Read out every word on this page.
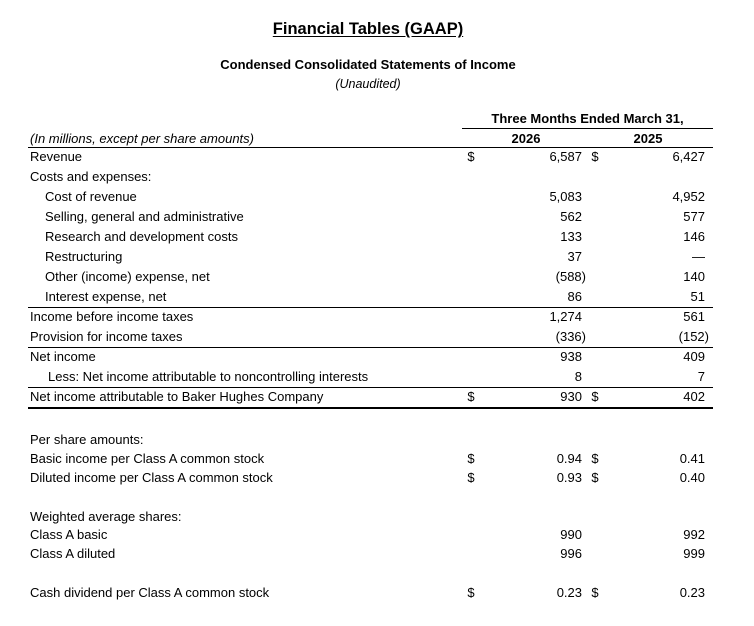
Financial Tables (GAAP)
Condensed Consolidated Statements of Income
(Unaudited)
Three Months Ended March 31,
2026	2025
(In millions, except per share amounts)
Revenue	$	6,587 $	6,427
Costs and expenses:
Cost of revenue	5,083	4,952
Selling, general and administrative	562	577
Research and development costs	133	146
Restructuring	37	—
Other (income) expense, net	(588)	140
Interest expense, net	86	51
Income before income taxes	1,274	561
Provision for income taxes	(336)	(152)
Net income	938	409
Less: Net income attributable to noncontrolling interests	8	7
Net income attributable to Baker Hughes Company	$	930 $	402
Per share amounts:
Basic income per Class A common stock	$	0.94 $	0.41
Diluted income per Class A common stock	$	0.93 $	0.40
Weighted average shares:
Class A basic	990	992
Class A diluted	996	999
Cash dividend per Class A common stock	$	0.23 $	0.23
